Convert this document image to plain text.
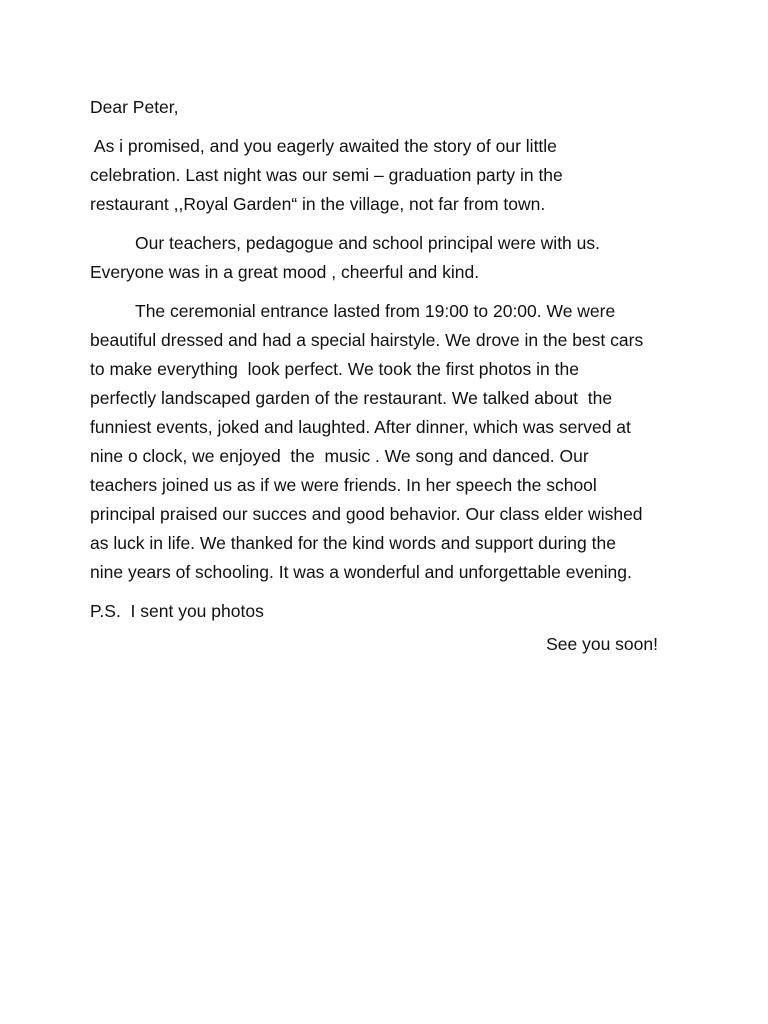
Dear Peter,
As i promised, and you eagerly awaited the story of our little
celebration. Last night was our semi – graduation party in the
restaurant ,,Royal Garden“ in the village, not far from town.
Our teachers, pedagogue and school principal were with us.
Everyone was in a great mood , cheerful and kind.
The ceremonial entrance lasted from 19:00 to 20:00. We were
beautiful dressed and had a special hairstyle. We drove in the best cars
to make everything  look perfect. We took the first photos in the
perfectly landscaped garden of the restaurant. We talked about  the
funniest events, joked and laughted. After dinner, which was served at
nine o clock, we enjoyed  the  music . We song and danced. Our
teachers joined us as if we were friends. In her speech the school
principal praised our succes and good behavior. Our class elder wished
as luck in life. We thanked for the kind words and support during the
nine years of schooling. It was a wonderful and unforgettable evening.
P.S.  I sent you photos
See you soon!
